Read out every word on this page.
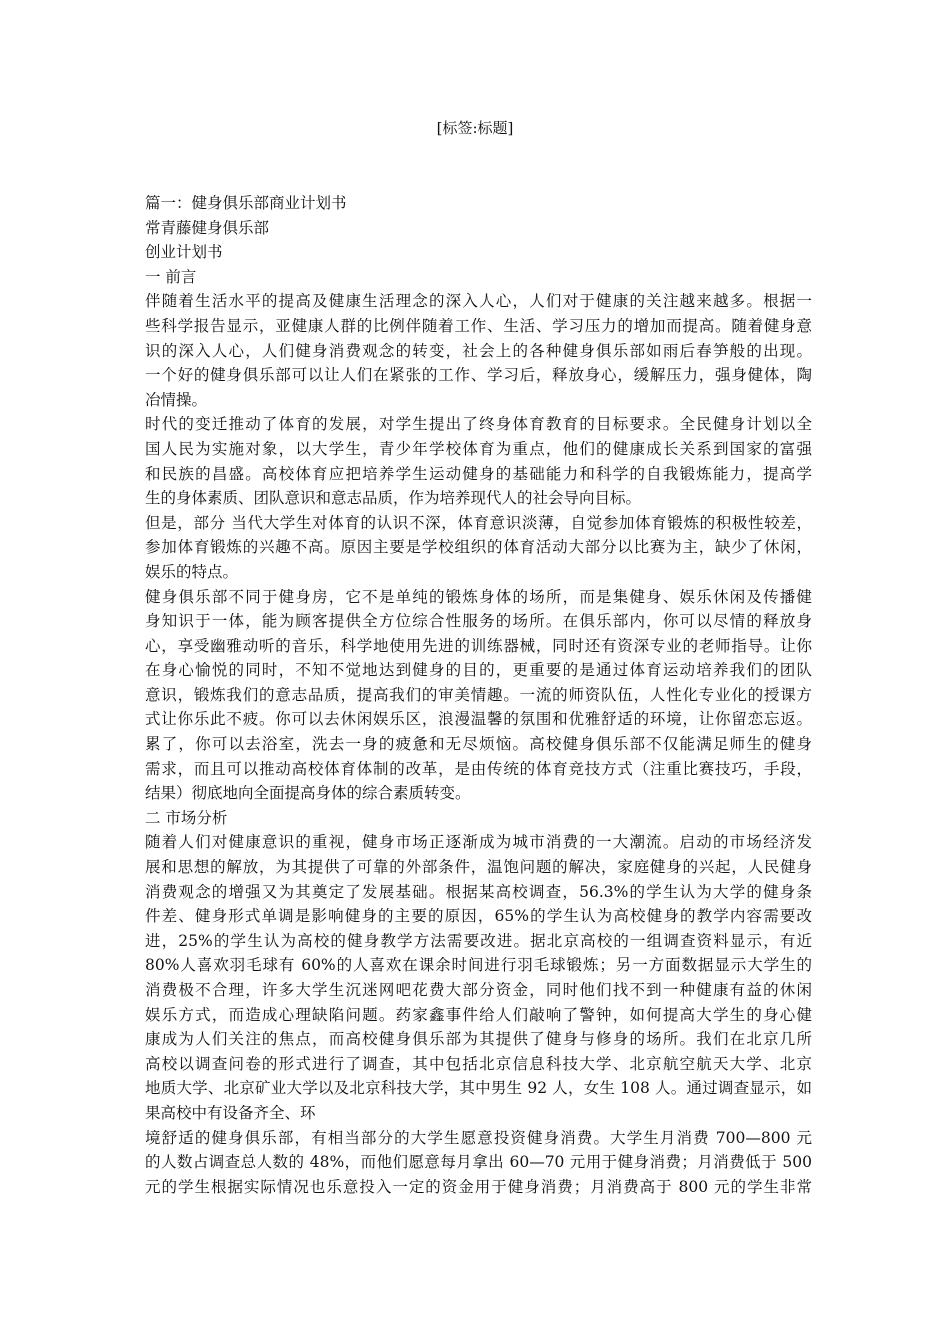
[标签:标题]
篇一：健身俱乐部商业计划书
常青藤健身俱乐部
创业计划书
一 前言
伴随着生活水平的提高及健康生活理念的深入人心，人们对于健康的关注越来越多。根据一
些科学报告显示，亚健康人群的比例伴随着工作、生活、学习压力的增加而提高。随着健身意
识的深入人心，人们健身消费观念的转变，社会上的各种健身俱乐部如雨后春笋般的出现。
一个好的健身俱乐部可以让人们在紧张的工作、学习后，释放身心，缓解压力，强身健体，陶
冶情操。
时代的变迁推动了体育的发展，对学生提出了终身体育教育的目标要求。全民健身计划以全
国人民为实施对象，以大学生，青少年学校体育为重点，他们的健康成长关系到国家的富强
和民族的昌盛。高校体育应把培养学生运动健身的基础能力和科学的自我锻炼能力，提高学
生的身体素质、团队意识和意志品质，作为培养现代人的社会导向目标。
但是，部分 当代大学生对体育的认识不深，体育意识淡薄，自觉参加体育锻炼的积极性较差，
参加体育锻炼的兴趣不高。原因主要是学校组织的体育活动大部分以比赛为主，缺少了休闲，
娱乐的特点。
健身俱乐部不同于健身房，它不是单纯的锻炼身体的场所，而是集健身、娱乐休闲及传播健
身知识于一体，能为顾客提供全方位综合性服务的场所。在俱乐部内，你可以尽情的释放身
心，享受幽雅动听的音乐，科学地使用先进的训练器械，同时还有资深专业的老师指导。让你
在身心愉悦的同时，不知不觉地达到健身的目的，更重要的是通过体育运动培养我们的团队
意识，锻炼我们的意志品质，提高我们的审美情趣。一流的师资队伍，人性化专业化的授课方
式让你乐此不疲。你可以去休闲娱乐区，浪漫温馨的氛围和优雅舒适的环境，让你留恋忘返。
累了，你可以去浴室，洗去一身的疲惫和无尽烦恼。高校健身俱乐部不仅能满足师生的健身
需求，而且可以推动高校体育体制的改革，是由传统的体育竞技方式（注重比赛技巧，手段，
结果）彻底地向全面提高身体的综合素质转变。
二 市场分析
随着人们对健康意识的重视，健身市场正逐渐成为城市消费的一大潮流。启动的市场经济发
展和思想的解放，为其提供了可靠的外部条件，温饱问题的解决，家庭健身的兴起，人民健身
消费观念的增强又为其奠定了发展基础。根据某高校调查，56.3%的学生认为大学的健身条
件差、健身形式单调是影响健身的主要的原因，65%的学生认为高校健身的教学内容需要改
进，25%的学生认为高校的健身教学方法需要改进。据北京高校的一组调查资料显示，有近
80%人喜欢羽毛球有 60%的人喜欢在课余时间进行羽毛球锻炼；另一方面数据显示大学生的
消费极不合理，许多大学生沉迷网吧花费大部分资金，同时他们找不到一种健康有益的休闲
娱乐方式，而造成心理缺陷问题。药家鑫事件给人们敲响了警钟，如何提高大学生的身心健
康成为人们关注的焦点，而高校健身俱乐部为其提供了健身与修身的场所。我们在北京几所
高校以调查问卷的形式进行了调查，其中包括北京信息科技大学、北京航空航天大学、北京
地质大学、北京矿业大学以及北京科技大学，其中男生 92 人，女生 108 人。通过调查显示，如
果高校中有设备齐全、环
境舒适的健身俱乐部，有相当部分的大学生愿意投资健身消费。大学生月消费 700—800 元
的人数占调查总人数的 48%，而他们愿意每月拿出 60—70 元用于健身消费；月消费低于 500
元的学生根据实际情况也乐意投入一定的资金用于健身消费；月消费高于 800 元的学生非常
